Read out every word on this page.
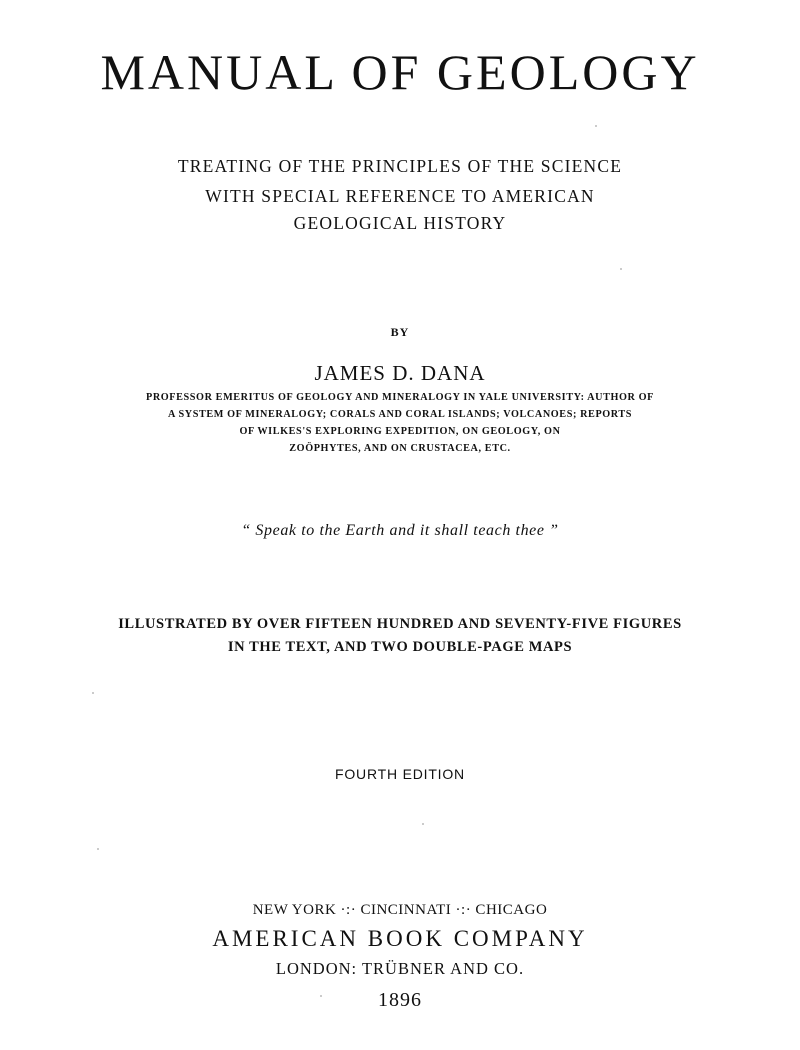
MANUAL OF GEOLOGY
TREATING OF THE PRINCIPLES OF THE SCIENCE
WITH SPECIAL REFERENCE TO AMERICAN
GEOLOGICAL HISTORY
BY
JAMES D. DANA
PROFESSOR EMERITUS OF GEOLOGY AND MINERALOGY IN YALE UNIVERSITY: AUTHOR OF
A SYSTEM OF MINERALOGY; CORALS AND CORAL ISLANDS; VOLCANOES; REPORTS
OF WILKES'S EXPLORING EXPEDITION, ON GEOLOGY, ON
ZOÖPHYTES, AND ON CRUSTACEA, ETC.
“ Speak to the Earth and it shall teach thee ”
ILLUSTRATED BY OVER FIFTEEN HUNDRED AND SEVENTY-FIVE FIGURES
IN THE TEXT, AND TWO DOUBLE-PAGE MAPS
FOURTH EDITION
NEW YORK ·:· CINCINNATI ·:· CHICAGO
AMERICAN BOOK COMPANY
LONDON: TRÜBNER AND CO.
1896
